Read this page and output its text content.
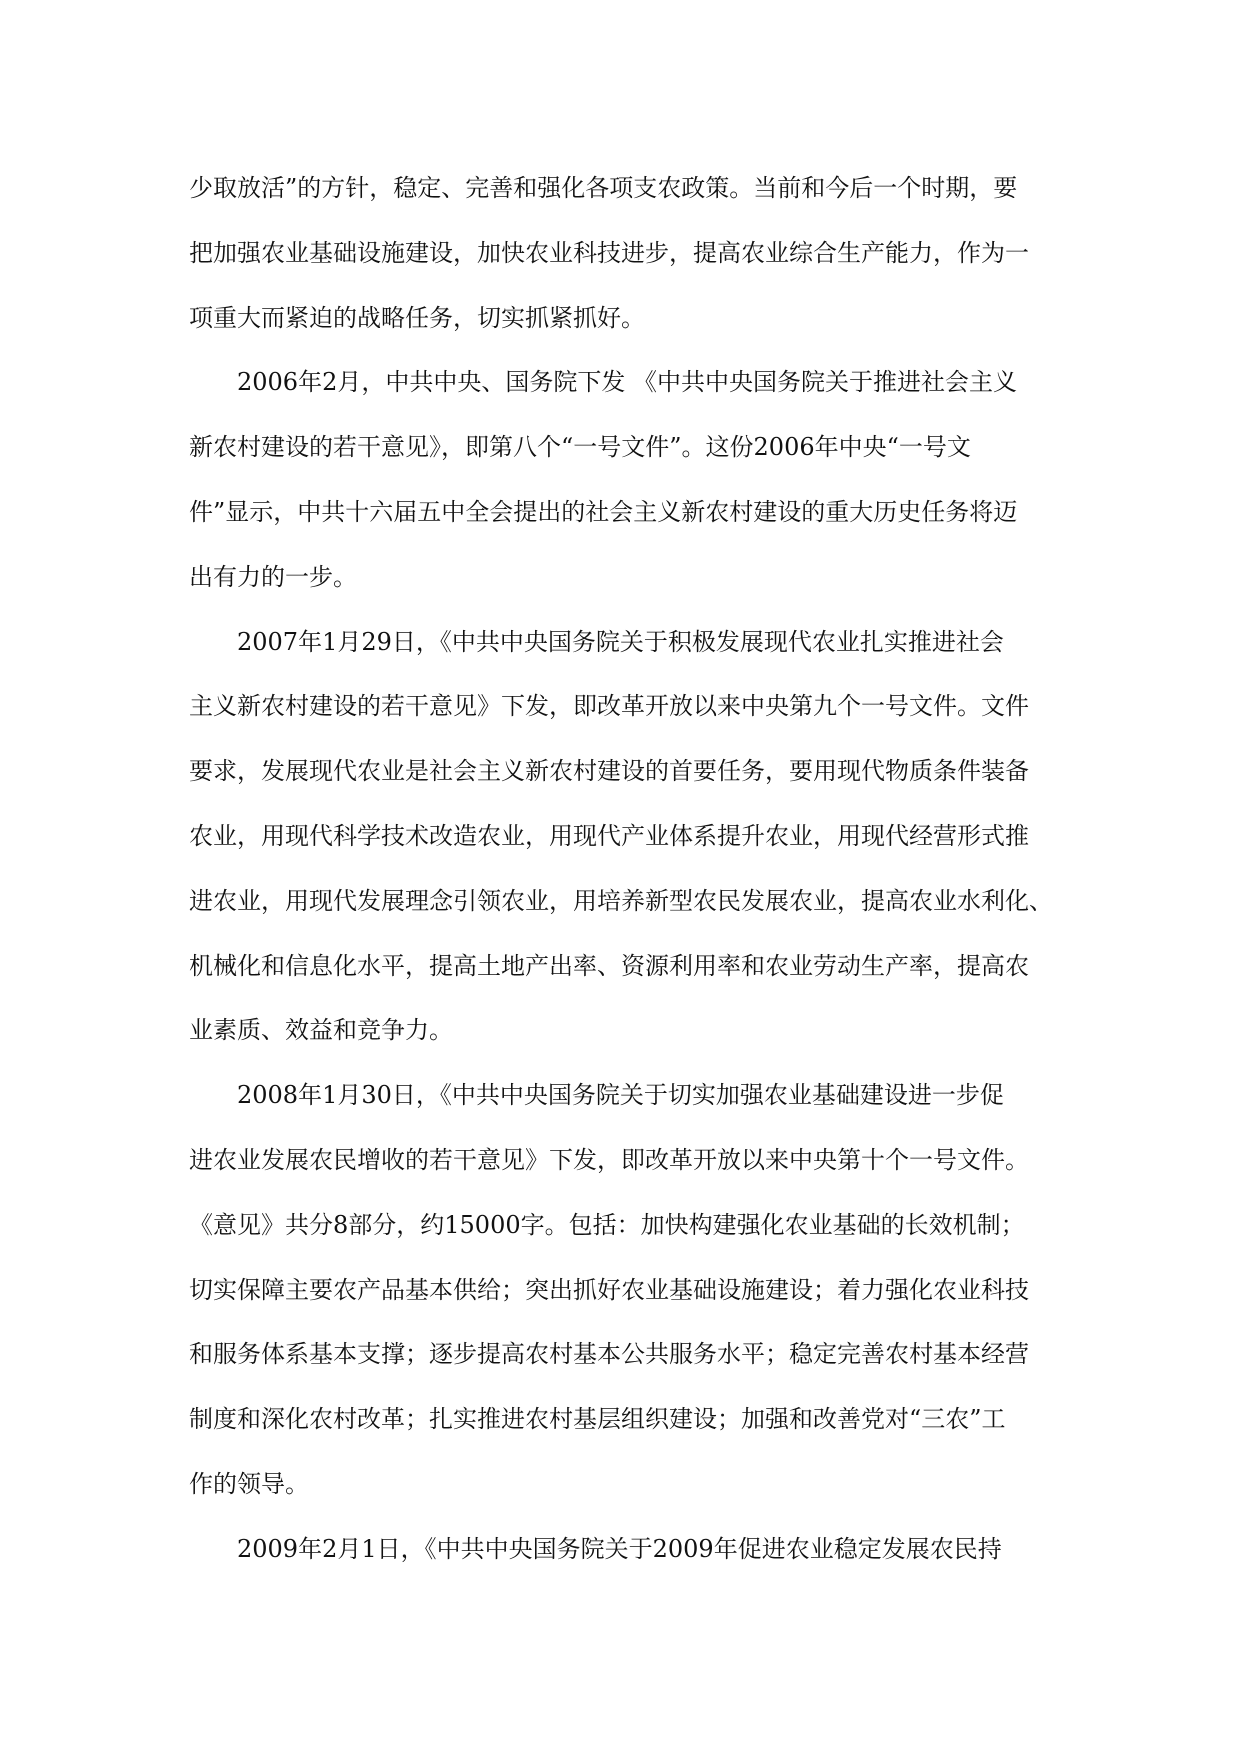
少取放活”的方针，稳定、完善和强化各项支农政策。当前和今后一个时期，要
把加强农业基础设施建设，加快农业科技进步，提高农业综合生产能力，作为一
项重大而紧迫的战略任务，切实抓紧抓好。
2006年2月，中共中央、国务院下发 《中共中央国务院关于推进社会主义
新农村建设的若干意见》，即第八个“一号文件”。这份2006年中央“一号文
件”显示，中共十六届五中全会提出的社会主义新农村建设的重大历史任务将迈
出有力的一步。
2007年1月29日，《中共中央国务院关于积极发展现代农业扎实推进社会
主义新农村建设的若干意见》下发，即改革开放以来中央第九个一号文件。文件
要求，发展现代农业是社会主义新农村建设的首要任务，要用现代物质条件装备
农业，用现代科学技术改造农业，用现代产业体系提升农业，用现代经营形式推
进农业，用现代发展理念引领农业，用培养新型农民发展农业，提高农业水利化、
机械化和信息化水平，提高土地产出率、资源利用率和农业劳动生产率，提高农
业素质、效益和竞争力。
2008年1月30日，《中共中央国务院关于切实加强农业基础建设进一步促
进农业发展农民增收的若干意见》下发，即改革开放以来中央第十个一号文件。
《意见》共分8部分，约15000字。包括：加快构建强化农业基础的长效机制；
切实保障主要农产品基本供给；突出抓好农业基础设施建设；着力强化农业科技
和服务体系基本支撑；逐步提高农村基本公共服务水平；稳定完善农村基本经营
制度和深化农村改革；扎实推进农村基层组织建设；加强和改善党对“三农”工
作的领导。
2009年2月1日，《中共中央国务院关于2009年促进农业稳定发展农民持
